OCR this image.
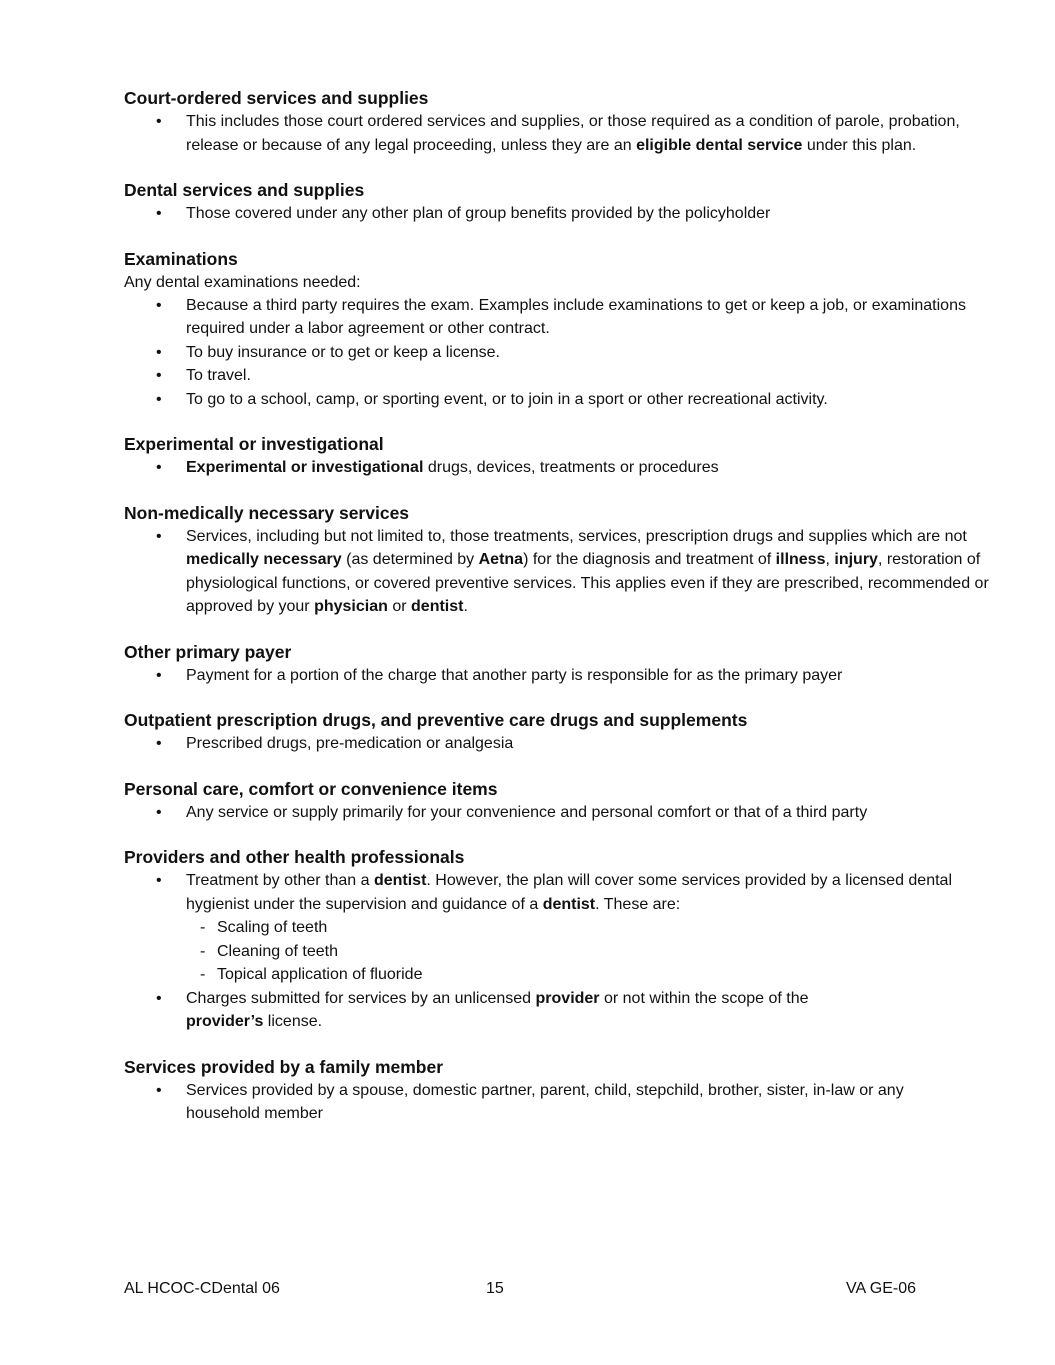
Court-ordered services and supplies

• This includes those court ordered services and supplies, or those required as a condition of parole, probation, release or because of any legal proceeding, unless they are an eligible dental service under this plan.

Dental services and supplies

• Those covered under any other plan of group benefits provided by the policyholder

Examinations

Any dental examinations needed:

• Because a third party requires the exam. Examples include examinations to get or keep a job, or examinations required under a labor agreement or other contract.
• To buy insurance or to get or keep a license.
• To travel.
• To go to a school, camp, or sporting event, or to join in a sport or other recreational activity.

Experimental or investigational

• Experimental or investigational drugs, devices, treatments or procedures

Non-medically necessary services

• Services, including but not limited to, those treatments, services, prescription drugs and supplies which are not medically necessary (as determined by Aetna) for the diagnosis and treatment of illness, injury, restoration of physiological functions, or covered preventive services. This applies even if they are prescribed, recommended or approved by your physician or dentist.

Other primary payer

• Payment for a portion of the charge that another party is responsible for as the primary payer

Outpatient prescription drugs, and preventive care drugs and supplements

• Prescribed drugs, pre-medication or analgesia

Personal care, comfort or convenience items

• Any service or supply primarily for your convenience and personal comfort or that of a third party

Providers and other health professionals

• Treatment by other than a dentist. However, the plan will cover some services provided by a licensed dental hygienist under the supervision and guidance of a dentist. These are:
- Scaling of teeth
- Cleaning of teeth
- Topical application of fluoride
• Charges submitted for services by an unlicensed provider or not within the scope of the provider’s license.

Services provided by a family member

• Services provided by a spouse, domestic partner, parent, child, stepchild, brother, sister, in-law or any household member
AL HCOC-CDental 06	15	VA GE-06
